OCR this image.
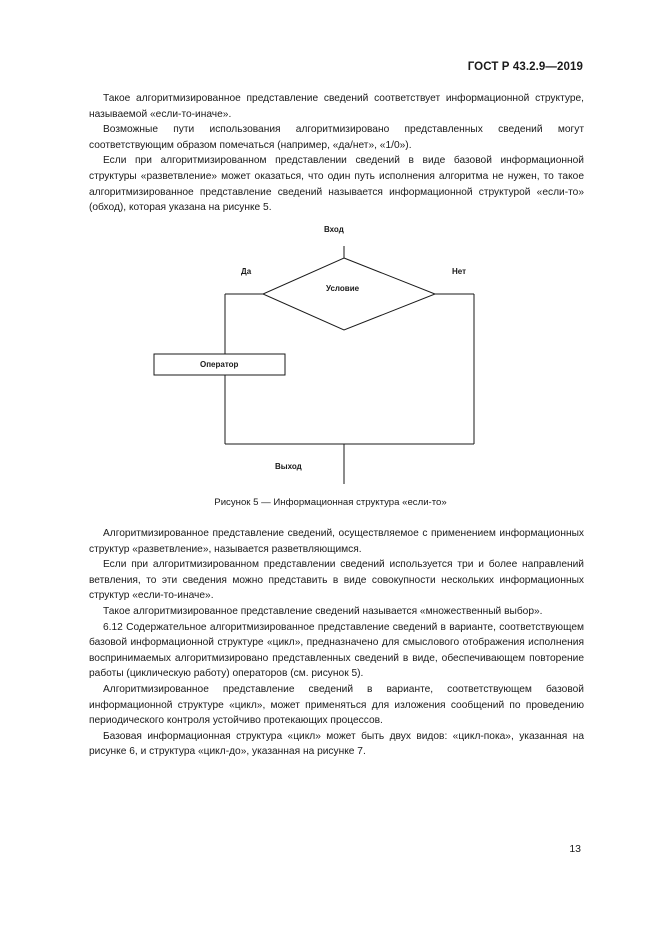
ГОСТ Р 43.2.9—2019

Такое алгоритмизированное представление сведений соответствует информационной структуре, называемой «если-то-иначе».

Возможные пути использования алгоритмизировано представленных сведений могут соответствующим образом помечаться (например, «да/нет», «1/0»).

Если при алгоритмизированном представлении сведений в виде базовой информационной структуры «разветвление» может оказаться, что один путь исполнения алгоритма не нужен, то такое алгоритмизированное представление сведений называется информационной структурой «если-то» (обход), которая указана на рисунке 5.

Вход
Да	Нет
Условие
Оператор
Выход
Рисунок 5 — Информационная структура «если-то»

Алгоритмизированное представление сведений, осуществляемое с применением информационных структур «разветвление», называется разветвляющимся.

Если при алгоритмизированном представлении сведений используется три и более направлений ветвления, то эти сведения можно представить в виде совокупности нескольких информационных структур «если-то-иначе».

Такое алгоритмизированное представление сведений называется «множественный выбор».

6.12 Содержательное алгоритмизированное представление сведений в варианте, соответствующем базовой информационной структуре «цикл», предназначено для смыслового отображения исполнения воспринимаемых алгоритмизировано представленных сведений в виде, обеспечивающем повторение работы (циклическую работу) операторов (см. рисунок 5).

Алгоритмизированное представление сведений в варианте, соответствующем базовой информационной структуре «цикл», может применяться для изложения сообщений по проведению периодического контроля устойчиво протекающих процессов.

Базовая информационная структура «цикл» может быть двух видов: «цикл-пока», указанная на рисунке 6, и структура «цикл-до», указанная на рисунке 7.

13
